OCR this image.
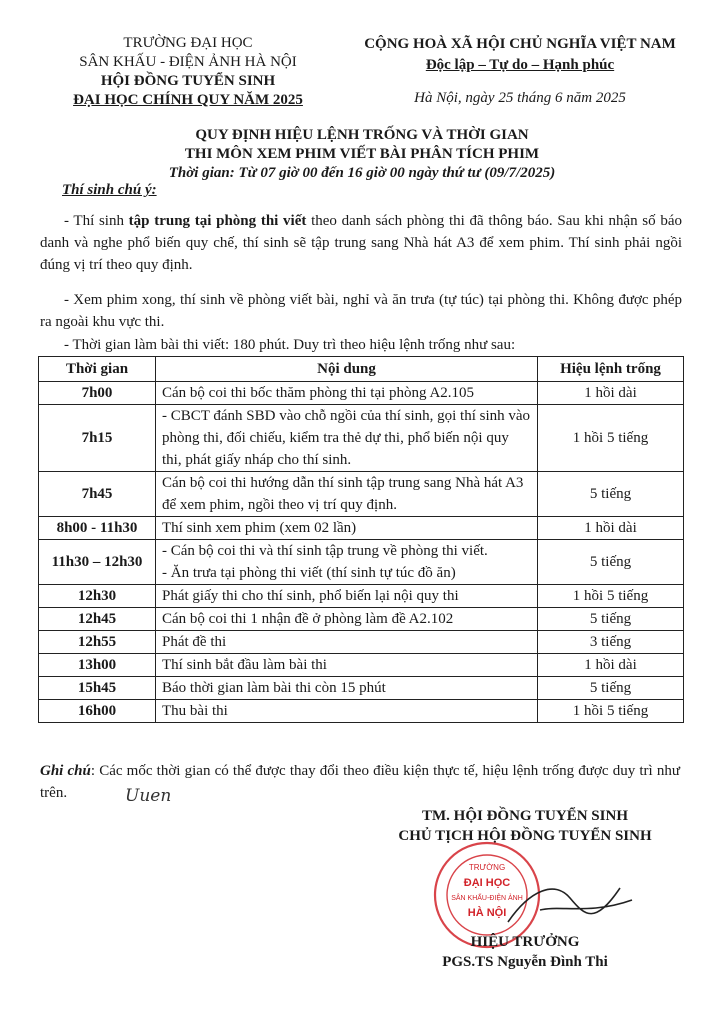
TRƯỜNG ĐẠI HỌC
SÂN KHẤU - ĐIỆN ẢNH HÀ NỘI
HỘI ĐỒNG TUYỂN SINH
ĐẠI HỌC CHÍNH QUY NĂM 2025
CỘNG HOÀ XÃ HỘI CHỦ NGHĨA VIỆT NAM
Độc lập – Tự do – Hạnh phúc
Hà Nội, ngày 25 tháng 6 năm 2025
QUY ĐỊNH HIỆU LỆNH TRỐNG VÀ THỜI GIAN
THI MÔN XEM PHIM VIẾT BÀI PHÂN TÍCH PHIM
Thời gian: Từ 07 giờ 00 đến 16 giờ 00 ngày thứ tư (09/7/2025)
Thí sinh chú ý:
- Thí sinh tập trung tại phòng thi viết theo danh sách phòng thi đã thông báo. Sau khi nhận số báo danh và nghe phổ biến quy chế, thí sinh sẽ tập trung sang Nhà hát A3 để xem phim. Thí sinh phải ngồi đúng vị trí theo quy định.
- Xem phim xong, thí sinh về phòng viết bài, nghỉ và ăn trưa (tự túc) tại phòng thi. Không được phép ra ngoài khu vực thi.
- Thời gian làm bài thi viết: 180 phút. Duy trì theo hiệu lệnh trống như sau:
Thời gian	Nội dung	Hiệu lệnh trống
7h00	Cán bộ coi thi bốc thăm phòng thi tại phòng A2.105	1 hồi dài
7h15	- CBCT đánh SBD vào chỗ ngồi của thí sinh, gọi thí sinh vào phòng thi, đối chiếu, kiểm tra thẻ dự thi, phổ biến nội quy thi, phát giấy nháp cho thí sinh.	1 hồi 5 tiếng
7h45	Cán bộ coi thi hướng dẫn thí sinh tập trung sang Nhà hát A3 để xem phim, ngồi theo vị trí quy định.	5 tiếng
8h00 - 11h30	Thí sinh xem phim (xem 02 lần)	1 hồi dài
11h30 – 12h30	- Cán bộ coi thi và thí sinh tập trung về phòng thi viết.
- Ăn trưa tại phòng thi viết (thí sinh tự túc đồ ăn)	5 tiếng
12h30	Phát giấy thi cho thí sinh, phổ biến lại nội quy thi	1 hồi 5 tiếng
12h45	Cán bộ coi thi 1 nhận đề ở phòng làm đề A2.102	5 tiếng
12h55	Phát đề thi	3 tiếng
13h00	Thí sinh bắt đầu làm bài thi	1 hồi dài
15h45	Báo thời gian làm bài thi còn 15 phút	5 tiếng
16h00	Thu bài thi	1 hồi 5 tiếng
Ghi chú: Các mốc thời gian có thể được thay đổi theo điều kiện thực tế, hiệu lệnh trống được duy trì như trên.	Uuen
TM. HỘI ĐỒNG TUYỂN SINH
CHỦ TỊCH HỘI ĐỒNG TUYỂN SINH
TRƯỜNG
ĐẠI HỌC
SÂN KHẤU-ĐIỆN ẢNH
HÀ NỘI
HIỆU TRƯỞNG
PGS.TS Nguyễn Đình Thi
